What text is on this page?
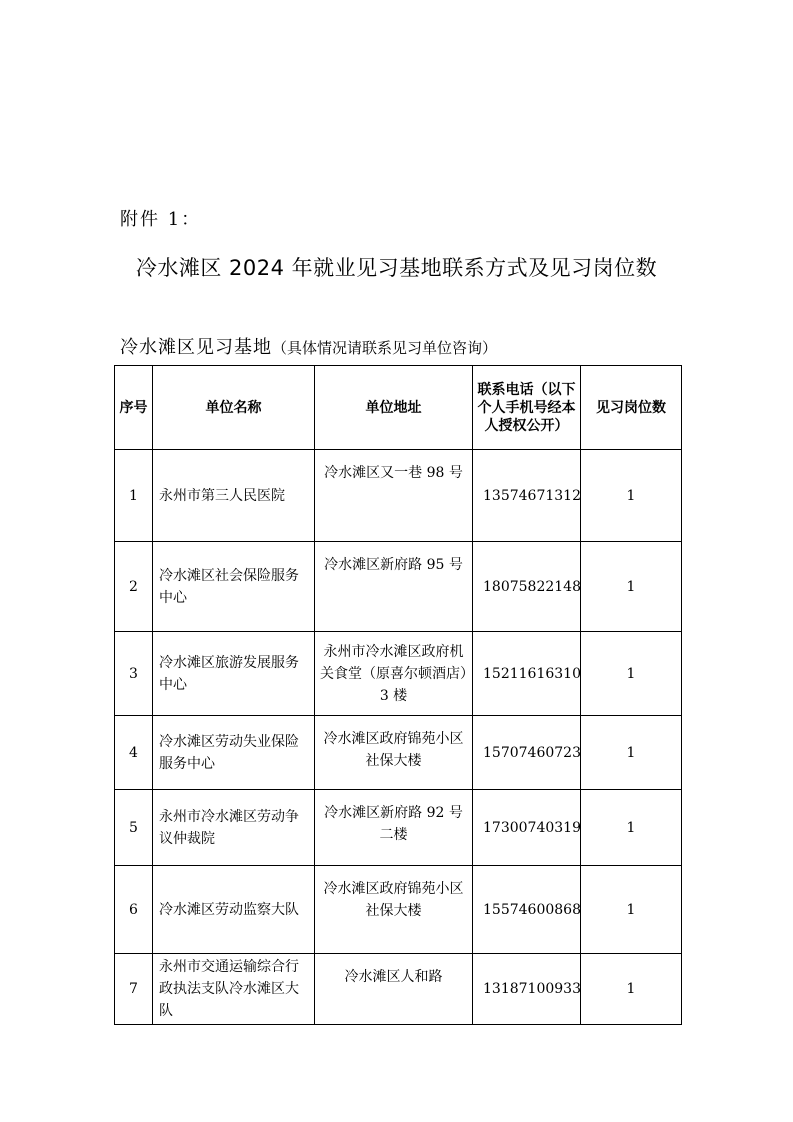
附件 1：
冷水滩区 2024 年就业见习基地联系方式及见习岗位数
冷水滩区见习基地（具体情况请联系见习单位咨询）
序号	单位名称	单位地址	联系电话（以下个人手机号经本人授权公开）	见习岗位数
1	永州市第三人民医院	冷水滩区又一巷 98 号	13574671312	1
2	冷水滩区社会保险服务中心	冷水滩区新府路 95 号	18075822148	1
3	冷水滩区旅游发展服务中心	永州市冷水滩区政府机关食堂（原喜尔顿酒店）3 楼	15211616310	1
4	冷水滩区劳动失业保险服务中心	冷水滩区政府锦苑小区社保大楼	15707460723	1
5	永州市冷水滩区劳动争议仲裁院	冷水滩区新府路 92 号二楼	17300740319	1
6	冷水滩区劳动监察大队	冷水滩区政府锦苑小区社保大楼	15574600868	1
7	永州市交通运输综合行政执法支队冷水滩区大队	冷水滩区人和路	13187100933	1
